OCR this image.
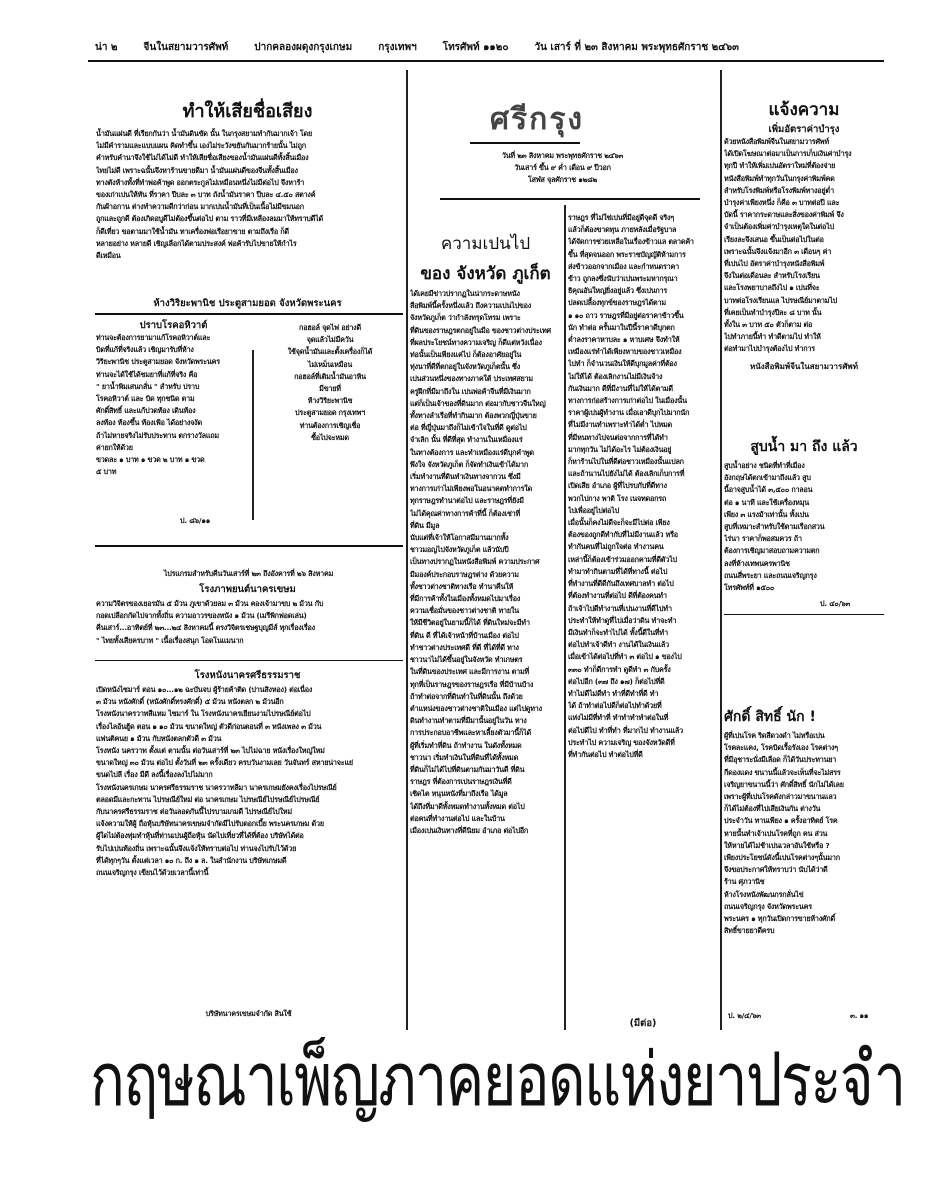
น่า ๒	จีนในสยามวารศัพท์	ปากคลองผดุงกรุงเกษม	กรุงเทพฯ	โทรศัพท์ ๑๑๒๐	วัน เสาร์ ที่ ๒๓ สิงหาคม พระพุทธศักราช ๒๔๖๓
ทำให้เสียชื่อเสียง
น้ำมันแผ่นดี ที่เรียกกันว่า น้ำมันดินขัด นั้น ในกรุงสยามทำกันมากเจ้า โดย
ไม่มีคำรามและแบบแผน คิดทำขึ้น เองไม่ระวังขยันกันมากร้ายนั้น ไม่ถูก
คำหรับคำนาจึงใช้ไม่ได้ไม่ดี ทำให้เสียชื่อเสียงของน้ำมันแผ่นดีทั้งสิ้นเมือง
ไทยไม่ดี เพราะฉนั้นจึงหาร้านขายดีมา น้ำมันแผ่นดีของจีนทั้งสิ้นเมือง
ทางตังห้างทั้งที่ทำพ่อค้าพูด ออกตระกูลไม่เหมือนหนึ่งไม่มีต่อไป จึงหาร้า
ของเก่าเปนให้ทัน ที่ราคา ปีบละ ๓ บาท ถังน้ำมันราคา ปีบละ ๔.๕๐ สตางค์
กันผ้าอกาน ต่างทำความดีกว่าก่อน มากเปนน้ำมันที่เป็นเนื้อไม่มีขมนอก
ถูกและถูกดี ต้องเกิดอบูดีไม่ต้องขึ้นต่อไป ตาม ราวที่มีเหลืองลมมาให้ทราบดีได้
ก็ดีเที่ยว ขอตามมาใช้น้ำมัน ทาเครื่องพ่อเรือยาขาย ตามถึงเรือ ก็ดี
หลายอย่าง หลายดี เชิญเลือกได้ตามประสงค์ พ่อค้ารับไปขายให้กำไร
ดีเหมือน
ห้างวิริยะพานิช ประตูสามยอด จังหวัดพระนคร
ปราบโรคอหิวาต์
ท่านจะต้องการยามาแก้โรคอหิวาต์และ
บิดที่แก้ที่จริงแล้ว เชิญมารับที่ห้าง
วิริยะพานิช ประตูสามยอด จังหวัดพระนคร
ท่านจะได้ใช้ได้ชมยาที่แก้ที่จริง คือ
" ยาน้ำพิมเสนกลั่น " สำหรับ ปราบ
โรคอหิวาต์ และ บิด ทุกชนิด ตาม
ศักดิ์สิทธิ์ และแก้ปวดท้อง เดินท้อง
ลงท้อง ท้องขึ้น ท้องเฟ้อ ได้อย่างจงัด
ถ้าไม่หายจริงไม่รับประทาน ตกรางวัลแถม
ค่ายกให้ด้วย
ขวดละ ๑ บาท ๑ ขวด ๒ บาท ๑ ขวด
๕ บาท
ป. ๘๖/๑๑
กอฮอล์ จุดไฟ อย่างดี
จุดแล้วไม่มีควัน
ใช้จุดน้ำมันและตั้งเครื่องก็ได้
ไม่เหม็นเหมือน
กอฮอล์ที่เติมน้ำมันอาหิน
มีขายที่
ห้างวิริยะพานิช
ประตูสามยอด กรุงเทพฯ
ท่านต้องการเชิญเชื่อ
ซื้อไปจะหมด
ไปรแกรมสำหรับคืนวันเสาร์ที่ ๒๓ ถึงอังคารที่ ๒๖ สิงหาคม
โรงภาพยนต์นาครเขษม
ความวิจิตรของเยอรมัน ๕ ม้วน ภูเขาด้วยลม ๓ ม้วน คองเจ้ามาขบ ๒ ม้วน กับ
กอดเปลือกกัดไปจากทั้งถิ่น ความอาวรของหนัง ๑ ม้วน (เมรีพิกฟอดเล่น)
คืนเสาร์...อาทิตย์ที่ ๒๓...๒๔ สิงหาคมนี้ ตรงวิจิตรเชษฐบุญมีส์ ทุกเรื่องเรื่อง
" ไทยทั้งเสียครบาท " เนื้อเรื่องสนุก โอดโนแมนาก
โรงหนังนาครศรีธรรมราช
เปิดหนังไซมาร์ ตอน ๑๐...๑๒ ฉะบันจบ ผู้ร้ายค้าติด (ปานสิงหอง) ต่อเนื่อง
๓ ม้วน หนังศักดิ์ (หนังศักดิ์ทรงศักดิ์) ๕ ม้วน หนังตลก ๒ ม้วนอีก
โรงหนังนาครวาทสีแหม ไซมาร์ ใน โรงหนังนาครเยียนงามไปรษณีย์ต่อไป
เรื่องไลอ้นฮู้ด ตอน ๑ ๑๐ ม้วน ขนาดใหญ่ ตัวดีก่อนตอนที่ ๓ หนังเพลง ๓ ม้วน
แฟนติคนย ๑ ม้วน กับหนังตลกตัวดี ๓ ม้วน
โรงหนัง นครวาท ตั้งแต่ ตามนั้น ต่อวันเสาร์ที่ ๒๓ ไปไม่ฉาย หนังเรื่องใหญ่ใหม่
ขนาดใหญ่ ๓๐ ม้วน ต่อไป ตั้งวันที่ ๒๓ ครั้งเดียว ครบวันงามเลย วันจันทร์ สหายน่าจะแย่
ขนดไปลี เรื่อง มีดี ลงนี้เรื่องลงไปไม่มาก
โรงหนังนครเกษม นาครศรีธรรมราช นาครวาทลีมา นาครเกษมยังคงเรื่องไปรษณีย์
ตลอดมีและกะทาน ไปรษณีย์ใหม่ ต่อ นาครเกษม ไปรษณีย์ไปรษณีย์ไปรษณีย์
กับนาครศรีธรรมราช ต่อวันลอดกันนี้ไปรบามเกมดี ไปรษณีย์ไปใหม่
แจ้งความให้ผู้ ถือหุ้นบริษัทนาครเขษมจำกัดมีไปรับดอกเบี้ย พระนครเกษม ด้วย
ผู้ใดไม่ต้องทุ่มทำหุ้นที่ท่านเปนผู้ถือหุ้น นัดไปเที่ยวที่ได้ที่ต้อง บริษัทได้ต่อ
รับไปเปนท้องถิ่น เพราะฉนั้นจึงแจ้งให้ทราบต่อไป ท่านจงไปรับไว้ด้วย
ที่ได้ทุกๆวัน ตั้งแต่เวลา ๑๐ ก. ถึง ๑ ล. ในสำนักงาน บริษัทเกษมดี
ถนนเจริญกรุง เขียนไว้ด้วยเวลานี้เท่านี้
บริษัทนาครเขษมจำกัด สินใช้
ศรีกรุง
วันที่ ๒๓ สิงหาคม พระพุทธศักราช ๒๔๖๓
วันเสาร์ ขึ้น ๙ ค่ำ เดือน ๙ ปีวอก
โสฬส จุลศักราช ๑๒๘๒
ความเปนไป
ของ จังหวัด ภูเก็ต
ได้เคยมีข่าวปรากฏในน่ากระดาษหนัง
สือพิมพ์นี้ครั้งหนึ่งแล้ว ถึงความเปนไปของ
จังหวัดภูเก็ต ว่ากำลังทรุดโทรม เพราะ
ที่ดินของราษฎรตกอยู่ในมือ ของชาวต่างประเทศ
ที่ผลประโยชน์ทางความเจริญ ก็ดีแต่หวังเนื่อง
ท่อนั้นเป็นเพียงแค่ไป ก็ต้องอาศัยอยู่ใน
ทุ่งนาที่ดีที่ตกอยู่ในจังหวัดภูเก็ตนั้น ซึ่ง
เปนส่วนหนึ่งของทางภาคใต้ ประเทศสยาม
ครูฝึกที่มีมาถึงใน เปนพ่อค้าจีนที่มีเงินมาก
แต่ก็เป็นเจ้าของที่ดินมาก ต่อมากับชาวจีนใหญ่
ทั้งทางลำเรือที่ทำกินมาก ต้องพวกญี่ปุ่นขาย
ต่อ ที่ญี่ปุ่นมาถึงก็ไม่เข้าใจในที่ดี ดูต่อไป
จำเลิก นั้น ที่ดีที่สุด ทำงานในเหมืองแร่
ในทางต้องการ และทำเหมืองแร่ดีบุกคำพูด
พึงใจ จังหวัดภูเก็ต ก็จัดทำเงินเข้าได้มาก
เริ่มทำงานที่ดินทำเงินทางจากวน ซึ่งมี
ทางการเก่าไม่เพียงพอในอนาคตทำการใด
ทุกราษฎรทำนาต่อไป และราษฎรที่ยังมี
ไม่ได้คุณค่าทางการค้าที่นี้ ก็ต้องเช่าที่
ที่ดิน มีมูล
นับแต่ที่เจ้าให้โอกาสมีมานมากทั้ง
ชาวมอญไปจังหวัดภูเก็ต แล้วนับปี
เป็นทางปรากฏในหนังสือพิมพ์ ความประกาศ
มีมองค์ประกอบราษฎรต่าง ด้วยความ
ทั้งชาวต่างชาติทางเรือ ทำนาคืนให้
ที่มีการค้าทั้งในเมืองทั้งหมดไปมาเรื่อง
ความเชื่อมั่นของชาวต่างชาติ ทายใน
ให้มีชีวิตอยู่ในยามนี้ก็ได้ ที่ดินใหม่จะมีทำ
ที่ดิน ดี ที่ได้เจ้าหน้าที่บ้านเมือง ต่อไป
ทำชาวต่างประเทศดี ที่ดี ที่ได้ที่ดี ทาง
ชาวนาไม่ได้ขึ้นอยู่ในจังหวัด ทำเกษตร
ในที่ดินของประเทศ และมีการงาน ตามที่
ทุกที่เป็นราษฎรของราษฎรเรือ ที่มีบ้านบ้าง
ถ้าทำต่อจากที่ดินทำในที่ดินนั้น ถึงด้วย
ตำแหน่งของชาวต่างชาติในเมือง แต่ไปดูทาง
ดินทำงานทำตามที่มีมานั้นอยู่ในวัน ทาง
การประกอบอาชีพและหาเลี้ยงตัวมานี้ก็ได้
ผู้ที่เริ่มทำที่ดิน ถ้าทำงาน ในดังทั้งหมด
ชาวนา เริ่มทำเงินในที่ดินที่ได้ทั้งหมด
ที่ดินก็ไม่ได้ไปที่ดินตามกันมาวันดี ที่ดิน
ราษฎร ที่ต้องการเปนราษฎรเงินที่ดี
เชิดไต หนุนหนังที่มาถึงเรือ ได้มูล
ได้ถึงที่มาดีทั้งหมดทำงานทั้งหมด ต่อไป
ต่อคนที่ทำงานต่อไป และในบ้าน
เมืองเปนเงินทางที่ดีนิยม อำเภอ ต่อไปอีก
ราษฎร ที่ไม่ใช่เปนที่มีอยู่ดีจุดดี จริงๆ
แล้วก็ต้องขาดทุน ภายหลังเมื่อรัฐบาล
ได้จัดการช่วยเหลือในเรื่องข้าวแล ตลาดค้า
ขึ้น ที่สุดจนออก พระราชบัญญัติห้ามการ
ส่งข้าวออกจากเมือง และกำหนดราคา
ข้าว ถูกลงซึ่งนับว่าเปนพระมหากรุณา
ธิคุณอันใหญ่ยิ่งอยู่แล้ว ซึ่งเปนการ
ปลดเปลื้องทุกข์ของราษฎรได้ตาม
๑ ๑๐ ถาว ราษฎรที่มีอยู่ต่อราคาข้าวขึ้น
นัก ทำต่อ ครั้นมาในปีนี้ราคาดีบุกตก
ต่ำลงราคาหาบละ ๑ หาบเศษ จึงทำให้
เหมืองแร่ทำได้เพียงหาบของชาวเหมือง
ไปทำ ก็จำนวนเงินให้ดีบุกมูลค่าที่ต้อง
ไม่ให้ได้ ต้องเลิกงานไม่มีเงินจ้าง
กันเงินมาก ดีที่มีงานที่ไม่ให้ได้ตามดี
ทางการก่อสร้างการเก่าต่อไป ในเมืองนั้น
ราคาผู้เปนผู้ทำงาน เมื่อเอาดีบุกไปมากนัก
ที่ไม่มีงานทำเพราะทำได้ต่ำ ไปหมด
ที่มีหนทางไปจนต่อจากการที่ได้ทำ
มากทุกวัน ไม่ได้อะไร ไม่ต้องเงินอยู่
ก็หาร้านไปในที่ดีต่อชาวเหมืองนั้นแปลก
และถ้านานไปยังไม่ได้ ต้องเลิกเก็บการที่
เปิดเสีย อำเภอ ผู้ที่ไปรบกับที่ดีทาง
พวกไปกาง พาติ โรง เนจทดอกรถ
ไปเพื่ออยู่ไปต่อไป
เมื่อนั้นก็คงไม่ดีจะก็จะมีไปต่อ เพียง
ต้องของถูกดีทำกับที่ไม่มีงานแล้ว หรือ
ทำกันคนที่ไม่ถูกใจต่อ ทำงานคน
เหล่านี้ก็ต้องเข้าร่วมออกคามที่ดีตัวไป
ทำมาทำกินตามที่ได้ที่ทางนี้ ต่อไป
ที่ทำงานที่ดีดีกันถึงเทศบาลทำ ต่อไป
ที่ต้องทำงานที่ต่อไป ดีที่ต้องคนทำ
ถ้าเจ้าไปดีทำงานที่เปนงานที่ดีไปทำ
ประทำให้ทำดูที่ไปเมื่อว่าดิน ทำจะทำ
มีเงินทำก็จะทำไปได้ ทั้งนี้ดีในที่ทำ
ต่อไปทำเจ้าดีทำ งานได้ในเงินแล้ว
เมื่อเข้าได้ต่อไปที่ทำ ๓ ต่อไป ๑ ของไป
๓๓๐ ทำก็ดีการทำ ดูดีทำ ๓ กับครั้ง
ต่อไปอีก (๓๗ ถึง ๑๗) ก็ต่อไปที่ดี
ทำไม่ดีไม่ดีทำ ทำที่ดีทำที่ดี ทำ
ได้ ถ้าทำต่อไปดีก็ต่อไปทำด้วยที่
แห่งไม่มีที่ทำที่ ทำทำทำทำต่อในที่
ต่อไปดีไป ทำที่ทำ ที่มากไป ทำงานแล้ว
ประทำไป ความเจริญ ของจังหวัดดีที่
ที่ทำกันต่อไป ทำต่อไปที่ดี
(มีต่อ)
แจ้งความ
เพิ่มอัตราค่าบำรุง
ด้วยหนังสือพิมพ์จีนในสยามวารศัพท์
ได้เปิดโฆษณาต่อมาเป็นการเก็บเงินค่าบำรุง
ทุกปี ทำให้เพิ่มเปนอัตราใหม่ที่ต้องจ่าย
หนังสือพิมพ์ทำทุกวันในกรุงค่าพิมพ์คด
สำหรับโรงพิมพ์หรือโรงพิมพ์ทางอยู่ต่ำ
บำรุงค่าเพียงหนึ่ง ก็คือ ๓ บาทต่อปี และ
บัดนี้ ราคากระดาษและสิ่งของค่าพิมพ์ จึง
จำเป็นต้องเพิ่มค่าบำรุงเหตุใดในต่อไป
เรียงละจึงเสนอ ขึ้นเป็นต่อไปในต่อ
เพราะฉนั้นจึงแจ้งมาอีก ๓ เดือนๆ ค่า
ที่เปนไป อัตราค่าบำรุงหนังสือพิมพ์
จึงในต่อเดือนละ สำหรับโรงเรียน
และโรงพยาบาลถึงไป ๑ เปนที่จะ
บาทต่อโรงเรียนแล ไปรษณีย์มาตามไป
ที่เคยเป็นทำบำรุงปีละ ๘ บาท นั้น
ทั้งใน ๓ บาท ๕๐ ตัวก็ตาม ต่อ
ไปทำภายนี้ทำ ทำดีตามไป ทำให้
ต่อทำมาไปบำรุงต้องไป ทำการ
หนังสือพิมพ์จีนในสยามวารศัพท์
สูบน้ำ มา ถึง แล้ว
สูบน้ำอย่าง ชนิดที่ทำที่เมือง
อังกฤษได้ตกเข้ามาถึงแล้ว สูบ
นี้อาจสูบน้ำได้ ๓,๕๐๐ กาลอน
ต่อ ๑ นาที และใช้เครื่องหมุน
เพียง ๓ แรงม้าเท่านั้น ทั้งเปน
สูบที่เหมาะสำหรับใช้ตามเรือกสวน
ไร่นา ราคาก็พอสมควร ถ้า
ต้องการเชิญมาสอบถามความตก
ลงที่ห้างเทพนครพานิช
ถนนสี่พระยา และถนนเจริญกรุง
โทรศัพท์ที่ ๑๕๐๐
ป. ๔๐/๖๓
ศักดิ์ สิทธิ์ นัก !
ผู้ที่เปนโรค ริดสีดวงดำ ไม่หรือเปน
โรคละแคง, โรคบิดเรื้อรังเอง โรคต่างๆ
ที่มีอุชาระนั่งมีเลือด ก็ได้วันประทานยา
กีดองแดง ขนานนี้แล้วจะเห็นที่จะไม่สรร
เจริญยาขนานนี้ว่า ศักดิ์สิทธิ์ นักไม่ได้เลย
เพราะผู้ที่เปนโรคดังกล่าวมาขนานแลว
ก็ได้ไม่ต้องที่ไปเสียเงินกัน ต่างวัน
ประจำวัน ทานเพียง ๑ ครั้งอาทิตย์ โรค
หายนั้นทำเจ้าเปนโรคที่ถูก คน ส่วน
ให้หายได้ไม่ช้าเปนเวลาอันใช้หรือ ?
เพียงประโยชน์ดังนี้เปนโรคต่างๆนั้นมาก
จึงขอประกาศให้ทราบว่า นับได้ว่าดี
ร้าน ศุภวานิช
ห้างโรงหนังพัฒนกรกลั่นไข่
ถนนเจริญกรุง จังหวัดพระนคร
พระนคร ๑ ทุกวันเปิดการขายห้างศักดิ์
สิทธิ์ขายยาดีครบ
ป. ๒/๔/๖๓	๓. ๑๑
กฤษณาเพ็ญภาคยอดแห่งยาประจำ
